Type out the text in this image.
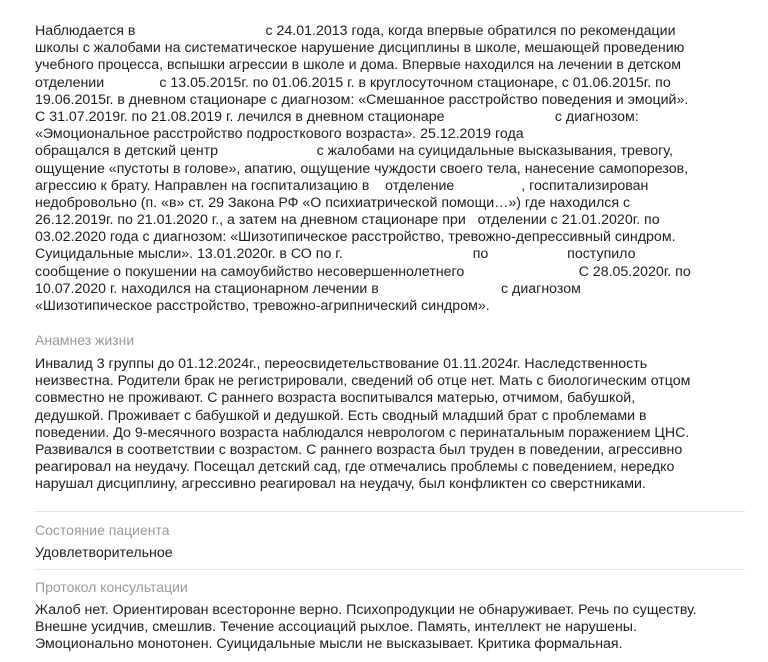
Наблюдается в                                 с 24.01.2013 года, когда впервые обратился по рекомендации
школы с жалобами на систематическое нарушение дисциплины в школе, мешающей проведению
учебного процесса, вспышки агрессии в школе и дома. Впервые находился на лечении в детском
отделении              с 13.05.2015г. по 01.06.2015 г. в круглосуточном стационаре, с 01.06.2015г. по
19.06.2015г. в дневном стационаре с диагнозом: «Смешанное расстройство поведения и эмоций».
С 31.07.2019г. по 21.08.2019 г. лечился в дневном стационаре                            с диагнозом:
«Эмоциональное расстройство подросткового возраста». 25.12.2019 года
обращался в детский центр                         с жалобами на суицидальные высказывания, тревогу,
ощущение «пустоты в голове», апатию, ощущение чуждости своего тела, нанесение самопорезов,
агрессию к брату. Направлен на госпитализацию в    отделение                 , госпитализирован
недобровольно (п. «в» ст. 29 Закона РФ «О психиатрической помощи…») где находился с
26.12.2019г. по 21.01.2020 г., а затем на дневном стационаре при   отделении с 21.01.2020г. по
03.02.2020 года с диагнозом: «Шизотипическое расстройство, тревожно-депрессивный синдром.
Суицидальные мысли». 13.01.2020г. в СО по г.                                 по                    поступило
сообщение о покушении на самоубийство несовершеннолетнего                             С 28.05.2020г. по
10.07.2020 г. находился на стационарном лечении в                               с диагнозом
«Шизотипическое расстройство, тревожно-агрипнический синдром».
Анамнез жизни
Инвалид 3 группы до 01.12.2024г., переосвидетельствование 01.11.2024г. Наследственность
неизвестна. Родители брак не регистрировали, сведений об отце нет. Мать с биологическим отцом
совместно не проживают. С раннего возраста воспитывался матерью, отчимом, бабушкой,
дедушкой. Проживает с бабушкой и дедушкой. Есть сводный младший брат с проблемами в
поведении. До 9-месячного возраста наблюдался неврологом с перинатальным поражением ЦНС.
Развивался в соответствии с возрастом. С раннего возраста был труден в поведении, агрессивно
реагировал на неудачу. Посещал детский сад, где отмечались проблемы с поведением, нередко
нарушал дисциплину, агрессивно реагировал на неудачу, был конфликтен со сверстниками.
Состояние пациента
Удовлетворительное
Протокол консультации
Жалоб нет. Ориентирован всесторонне верно. Психопродукции не обнаруживает. Речь по существу.
Внешне усидчив, смешлив. Течение ассоциаций рыхлое. Память, интеллект не нарушены.
Эмоционально монотонен. Суицидальные мысли не высказывает. Критика формальная.
